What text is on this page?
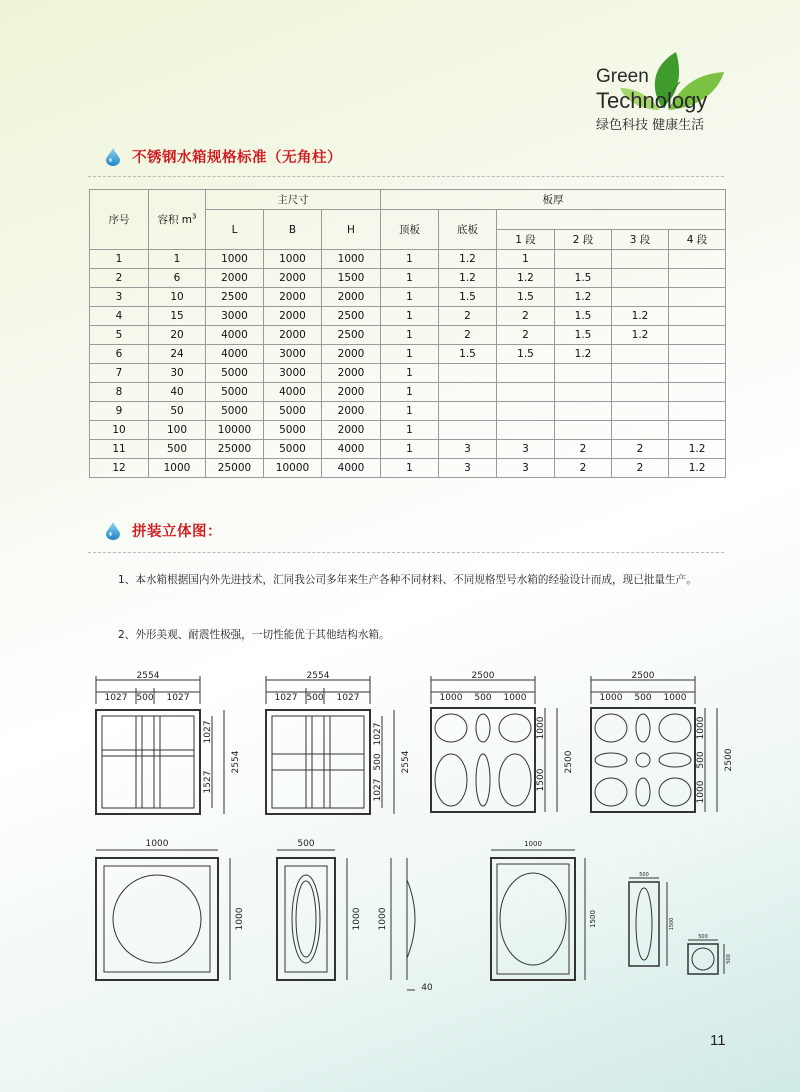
Green
Technology
绿色科技 健康生活
不锈钢水箱规格标准（无角柱）
序号	容积 $m^3$	主尺寸			板厚					
		L	B	H	顶板	底板				
							1 段	2 段	3 段	4 段
1	1	1000	1000	1000	1	1.2	1			
2	6	2000	2000	1500	1	1.2	1.2	1.5		
3	10	2500	2000	2000	1	1.5	1.5	1.2		
4	15	3000	2000	2500	1	2	2	1.5	1.2	
5	20	4000	2000	2500	1	2	2	1.5	1.2	
6	24	4000	3000	2000	1	1.5	1.5	1.2		
7	30	5000	3000	2000	1					
8	40	5000	4000	2000	1					
9	50	5000	5000	2000	1					
10	100	10000	5000	2000	1					
11	500	25000	5000	4000	1	3	3	2	2	1.2
12	1000	25000	10000	4000	1	3	3	2	2	1.2
拼装立体图：
1、本水箱根据国内外先进技术，汇同我公司多年来生产各种不同材料、不同规格型号水箱的经验设计而成，现已批量生产。
2、外形美观、耐震性极强，一切性能优于其他结构水箱。
2554
1027 500 1027
2554
1027
1527
2554
1027 500 1027
2554
1027
500
1027
2500
1000 500 1000
2500
1000
1500
2500
1000 500 1000
2500
1000
500
1000
1000
1000
500
1000 1000
40
1000
1500
500
1500
500
500
11
